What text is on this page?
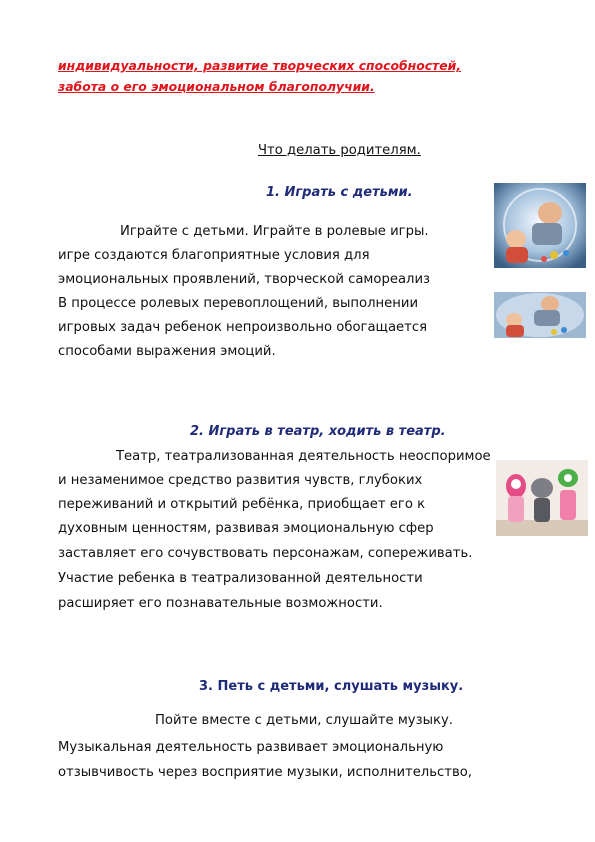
индивидуальности, развитие творческих способностей,
забота о его эмоциональном благополучии.
Что делать родителям.
1. Играть с детьми.
Играйте с детьми. Играйте в ролевые игры.
игре создаются благоприятные условия для
эмоциональных проявлений, творческой самореализ
В процессе ролевых перевоплощений, выполнении
игровых задач ребенок непроизвольно обогащается
способами выражения эмоций.
2. Играть в театр, ходить в театр.
Театр, театрализованная деятельность неоспоримое
и незаменимое средство развития чувств, глубоких
переживаний и открытий ребёнка, приобщает его к
духовным ценностям, развивая эмоциональную сфер
заставляет его сочувствовать персонажам, сопереживать.
Участие ребенка в театрализованной деятельности
расширяет его познавательные возможности.
3. Петь с детьми, слушать музыку.
Пойте вместе с детьми, слушайте музыку.
Музыкальная деятельность развивает эмоциональную
отзывчивость через восприятие музыки, исполнительство,
